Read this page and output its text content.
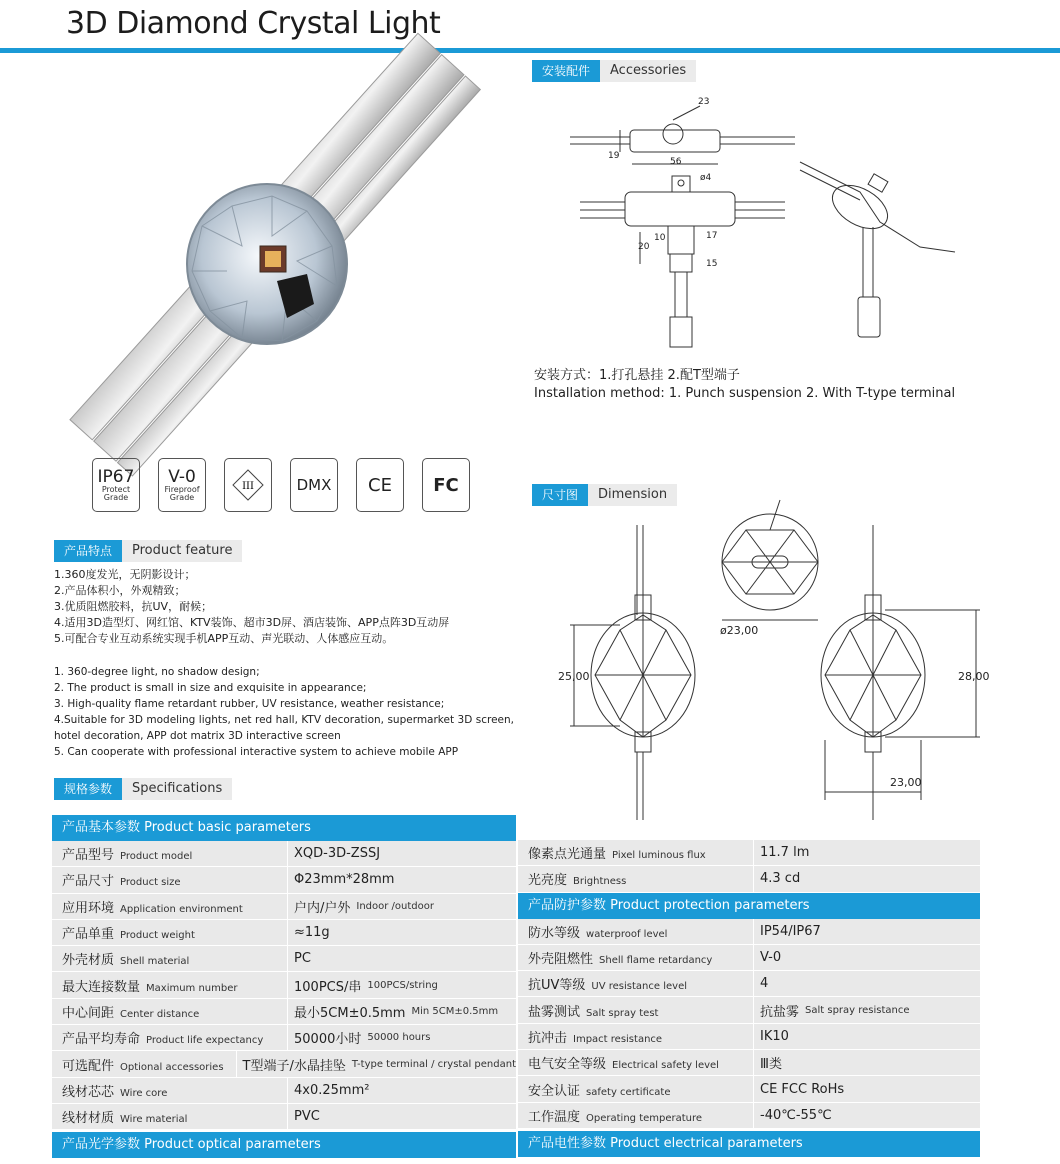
3D Diamond Crystal Light
IP67
Protect Grade
V-0
Fireproof Grade
III	DMX CE FC
产品特点	Product feature
1.360度发光，无阴影设计；
2.产品体积小，外观精致；
3.优质阻燃胶料，抗UV，耐候；
4.适用3D造型灯、网红馆、KTV装饰、超市3D屏、酒店装饰、APP点阵3D互动屏
5.可配合专业互动系统实现手机APP互动、声光联动、人体感应互动。
1. 360-degree light, no shadow design;
2. The product is small in size and exquisite in appearance;
3. High-quality flame retardant rubber, UV resistance, weather resistance;
4.Suitable for 3D modeling lights, net red hall, KTV decoration, supermarket 3D screen, hotel decoration, APP dot matrix 3D interactive screen
5. Can cooperate with professional interactive system to achieve mobile APP
规格参数	Specifications
产品基本参数 Product basic parameters
产品型号 Product model	XQD-3D-ZSSJ
产品尺寸 Product size	Φ23mm*28mm
应用环境 Application environment	户内/户外 Indoor /outdoor
产品单重 Product weight	≈11g
外壳材质 Shell material	PC
最大连接数量 Maximum number	100PCS/串 100PCS/string
中心间距 Center distance	最小5CM±0.5mm Min 5CM±0.5mm
产品平均寿命 Product life expectancy	50000小时 50000 hours
可选配件 Optional accessories	T型端子/水晶挂坠 T-type terminal / crystal pendant
线材芯芯 Wire core	4x0.25mm²
线材材质 Wire material	PVC
产品光学参数 Product optical parameters
像素点光通量 Pixel luminous flux	11.7 lm
光亮度 Brightness	4.3 cd
产品防护参数 Product protection parameters
防水等级 waterproof level	IP54/IP67
外壳阻燃性 Shell flame retardancy	V-0
抗UV等级 UV resistance level	4
盐雾测试 Salt spray test	抗盐雾 Salt spray resistance
抗冲击 Impact resistance	IK10
电气安全等级 Electrical safety level	Ⅲ类
安全认证 safety certificate	CE FCC RoHs
工作温度 Operating temperature	-40℃-55℃
产品电性参数 Product electrical parameters
安装配件	Accessories
23
19
56
ø4
10	17
20
15
安装方式：1.打孔悬挂 2.配T型端子
Installation method: 1. Punch suspension 2. With T-type terminal
尺寸图	Dimension
ø23,00
25,00	28,00
23,00
